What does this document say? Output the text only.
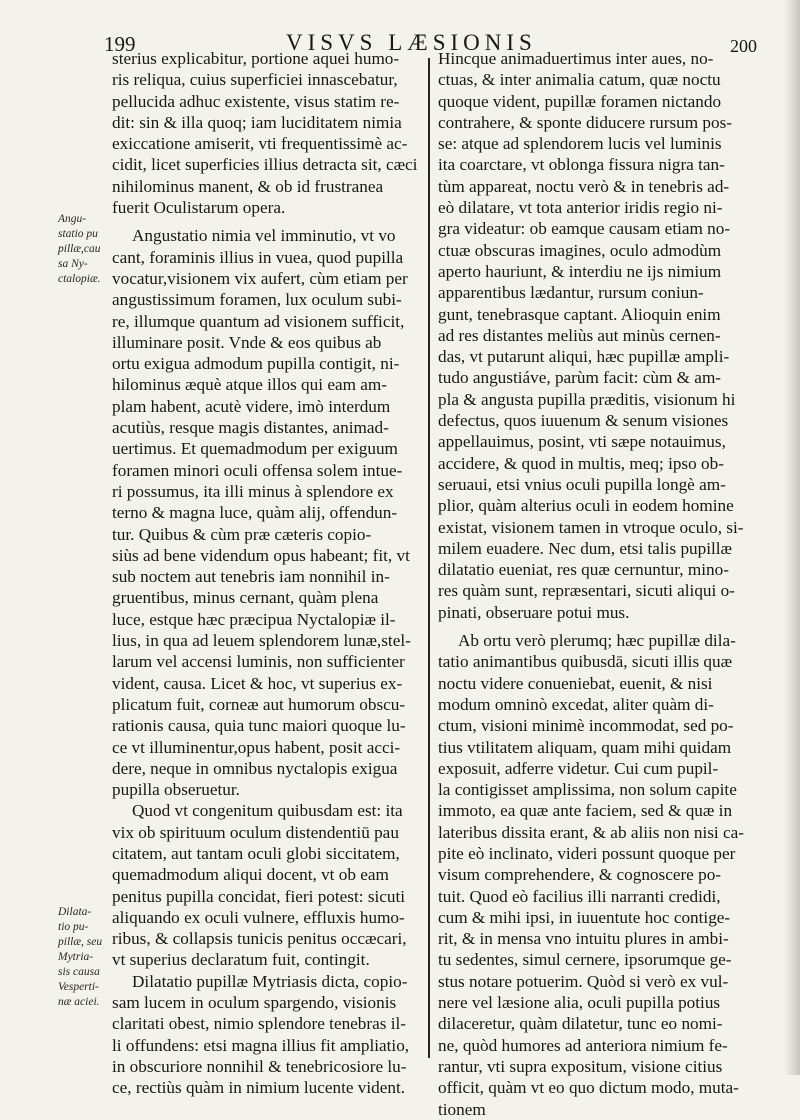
199	VISVS LÆSIONIS	200
Angu-
statio pu
pillæ,cau
sa Ny-
ctalopiæ.
Dilata-
tio pu-
pillæ, seu
Mytria-
sis causa
Vesperti-
næ aciei.
sterius explicabitur, portione aquei humo-
ris reliqua, cuius superficiei innascebatur,
pellucida adhuc existente, visus statim re-
dit: sin & illa quoq; iam luciditatem nimia
exiccatione amiserit, vti frequentissimè ac-
cidit, licet superficies illius detracta sit, cæci
nihilominus manent, & ob id frustranea
fuerit Oculistarum opera.
Angustatio nimia vel imminutio, vt vo
cant, foraminis illius in vuea, quod pupilla
vocatur,visionem vix aufert, cùm etiam per
angustissimum foramen, lux oculum subi-
re, illumque quantum ad visionem sufficit,
illuminare posit. Vnde & eos quibus ab
ortu exigua admodum pupilla contigit, ni-
hilominus æquè atque illos qui eam am-
plam habent, acutè videre, imò interdum
acutiùs, resque magis distantes, animad-
uertimus. Et quemadmodum per exiguum
foramen minori oculi offensa solem intue-
ri possumus, ita illi minus à splendore ex
terno & magna luce, quàm alij, offendun-
tur. Quibus & cùm præ cæteris copio-
siùs ad bene videndum opus habeant; fit, vt
sub noctem aut tenebris iam nonnihil in-
gruentibus, minus cernant, quàm plena
luce, estque hæc præcipua Nyctalopiæ il-
lius, in qua ad leuem splendorem lunæ,stel-
larum vel accensi luminis, non sufficienter
vident, causa. Licet & hoc, vt superius ex-
plicatum fuit, corneæ aut humorum obscu-
rationis causa, quia tunc maiori quoque lu-
ce vt illuminentur,opus habent, posit acci-
dere, neque in omnibus nyctalopis exigua
pupilla obseruetur.
Quod vt congenitum quibusdam est: ita
vix ob spirituum oculum distendentiū pau
citatem, aut tantam oculi globi siccitatem,
quemadmodum aliqui docent, vt ob eam
penitus pupilla concidat, fieri potest: sicuti
aliquando ex oculi vulnere, effluxis humo-
ribus, & collapsis tunicis penitus occæcari,
vt superius declaratum fuit, contingit.
Dilatatio pupillæ Mytriasis dicta, copio-
sam lucem in oculum spargendo, visionis
claritati obest, nimio splendore tenebras il-
li offundens: etsi magna illius fit ampliatio,
in obscuriore nonnihil & tenebricosiore lu-
ce, rectiùs quàm in nimium lucente vident.
Hincque animaduertimus inter aues, no-
ctuas, & inter animalia catum, quæ noctu
quoque vident, pupillæ foramen nictando
contrahere, & sponte diducere rursum pos-
se: atque ad splendorem lucis vel luminis
ita coarctare, vt oblonga fissura nigra tan-
tùm appareat, noctu verò & in tenebris ad-
eò dilatare, vt tota anterior iridis regio ni-
gra videatur: ob eamque causam etiam no-
ctuæ obscuras imagines, oculo admodùm
aperto hauriunt, & interdiu ne ijs nimium
apparentibus lædantur, rursum coniun-
gunt, tenebrasque captant. Alioquin enim
ad res distantes meliùs aut minùs cernen-
das, vt putarunt aliqui, hæc pupillæ ampli-
tudo angustiáve, parùm facit: cùm & am-
pla & angusta pupilla præditis, visionum hi
defectus, quos iuuenum & senum visiones
appellauimus, posint, vti sæpe notauimus,
accidere, & quod in multis, meq; ipso ob-
seruaui, etsi vnius oculi pupilla longè am-
plior, quàm alterius oculi in eodem homine
existat, visionem tamen in vtroque oculo, si-
milem euadere. Nec dum, etsi talis pupillæ
dilatatio eueniat, res quæ cernuntur, mino-
res quàm sunt, repræsentari, sicuti aliqui o-
pinati, obseruare potui mus.
Ab ortu verò plerumq; hæc pupillæ dila-
tatio animantibus quibusdā, sicuti illis quæ
noctu videre conueniebat, euenit, & nisi
modum omninò excedat, aliter quàm di-
ctum, visioni minimè incommodat, sed po-
tius vtilitatem aliquam, quam mihi quidam
exposuit, adferre videtur. Cui cum pupil-
la contigisset amplissima, non solum capite
immoto, ea quæ ante faciem, sed & quæ in
lateribus dissita erant, & ab aliis non nisi ca-
pite eò inclinato, videri possunt quoque per
visum comprehendere, & cognoscere po-
tuit. Quod eò facilius illi narranti credidi,
cum & mihi ipsi, in iuuentute hoc contige-
rit, & in mensa vno intuitu plures in ambi-
tu sedentes, simul cernere, ipsorumque ge-
stus notare potuerim. Quòd si verò ex vul-
nere vel læsione alia, oculi pupilla potius
dilaceretur, quàm dilatetur, tunc eo nomi-
ne, quòd humores ad anteriora nimium fe-
rantur, vti supra expositum, visione citius
officit, quàm vt eo quo dictum modo, muta-
tionem
